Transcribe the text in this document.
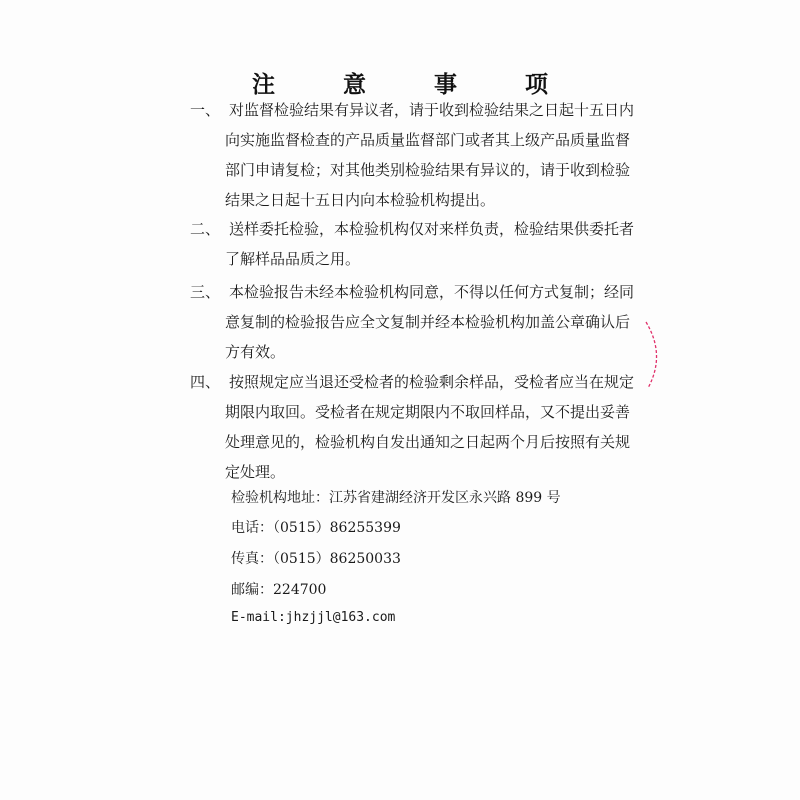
注 意 事 项
一、 对监督检验结果有异议者，请于收到检验结果之日起十五日内
向实施监督检查的产品质量监督部门或者其上级产品质量监督
部门申请复检；对其他类别检验结果有异议的，请于收到检验
结果之日起十五日内向本检验机构提出。
二、 送样委托检验，本检验机构仅对来样负责，检验结果供委托者
了解样品品质之用。
三、 本检验报告未经本检验机构同意，不得以任何方式复制；经同
意复制的检验报告应全文复制并经本检验机构加盖公章确认后
方有效。
四、 按照规定应当退还受检者的检验剩余样品，受检者应当在规定
期限内取回。受检者在规定期限内不取回样品，又不提出妥善
处理意见的，检验机构自发出通知之日起两个月后按照有关规
定处理。
检验机构地址：江苏省建湖经济开发区永兴路 899 号
电话：（0515）86255399
传真：（0515）86250033
邮编：224700
E-mail:jhzjjl@163.com
